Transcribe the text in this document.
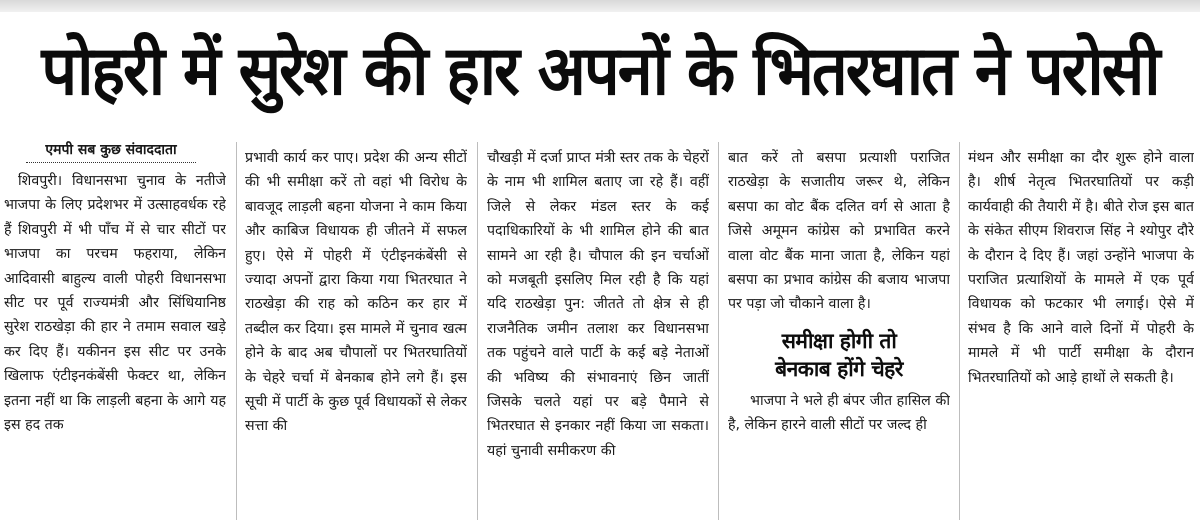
पोहरी में सुरेश की हार अपनों के भितरघात ने परोसी
एमपी सब कुछ संवाददाता

शिवपुरी। विधानसभा चुनाव के नतीजे भाजपा के लिए प्रदेशभर में उत्साहवर्धक रहे हैं शिवपुरी में भी पाँच में से चार सीटों पर भाजपा का परचम फहराया, लेकिन आदिवासी बाहुल्य वाली पोहरी विधानसभा सीट पर पूर्व राज्यमंत्री और सिंधियानिष्ठ सुरेश राठखेड़ा की हार ने तमाम सवाल खड़े कर दिए हैं। यकीनन इस सीट पर उनके खिलाफ एंटीइनकंबेंसी फेक्टर था, लेकिन इतना नहीं था कि लाड़ली बहना के आगे यह इस हद तक

प्रभावी कार्य कर पाए। प्रदेश की अन्य सीटों की भी समीक्षा करें तो वहां भी विरोध के बावजूद लाड़ली बहना योजना ने काम किया और काबिज विधायक ही जीतने में सफल हुए। ऐसे में पोहरी में एंटीइनकंबेंसी से ज्यादा अपनों द्वारा किया गया भितरघात ने राठखेड़ा की राह को कठिन कर हार में तब्दील कर दिया। इस मामले में चुनाव खत्म होने के बाद अब चौपालों पर भितरघातियों के चेहरे चर्चा में बेनकाब होने लगे हैं। इस सूची में पार्टी के कुछ पूर्व विधायकों से लेकर सत्ता की

चौखड़ी में दर्जा प्राप्त मंत्री स्तर तक के चेहरों के नाम भी शामिल बताए जा रहे हैं। वहीं जिले से लेकर मंडल स्तर के कई पदाधिकारियों के भी शामिल होने की बात सामने आ रही है। चौपाल की इन चर्चाओं को मजबूती इसलिए मिल रही है कि यहां यदि राठखेड़ा पुन: जीतते तो क्षेत्र से ही राजनैतिक जमीन तलाश कर विधानसभा तक पहुंचने वाले पार्टी के कई बड़े नेताओं की भविष्य की संभावनाएं छिन जातीं जिसके चलते यहां पर बड़े पैमाने से भितरघात से इनकार नहीं किया जा सकता। यहां चुनावी समीकरण की

बात करें तो बसपा प्रत्याशी पराजित राठखेड़ा के सजातीय जरूर थे, लेकिन बसपा का वोट बैंक दलित वर्ग से आता है जिसे अमूमन कांग्रेस को प्रभावित करने वाला वोट बैंक माना जाता है, लेकिन यहां बसपा का प्रभाव कांग्रेस की बजाय भाजपा पर पड़ा जो चौकाने वाला है।

समीक्षा होगी तो
बेनकाब होंगे चेहरे

भाजपा ने भले ही बंपर जीत हासिल की है, लेकिन हारने वाली सीटों पर जल्द ही

मंथन और समीक्षा का दौर शुरू होने वाला है। शीर्ष नेतृत्व भितरघातियों पर कड़ी कार्यवाही की तैयारी में है। बीते रोज इस बात के संकेत सीएम शिवराज सिंह ने श्योपुर दौरे के दौरान दे दिए हैं। जहां उन्होंने भाजपा के पराजित प्रत्याशियों के मामले में एक पूर्व विधायक को फटकार भी लगाई। ऐसे में संभव है कि आने वाले दिनों में पोहरी के मामले में भी पार्टी समीक्षा के दौरान भितरघातियों को आड़े हाथों ले सकती है।
